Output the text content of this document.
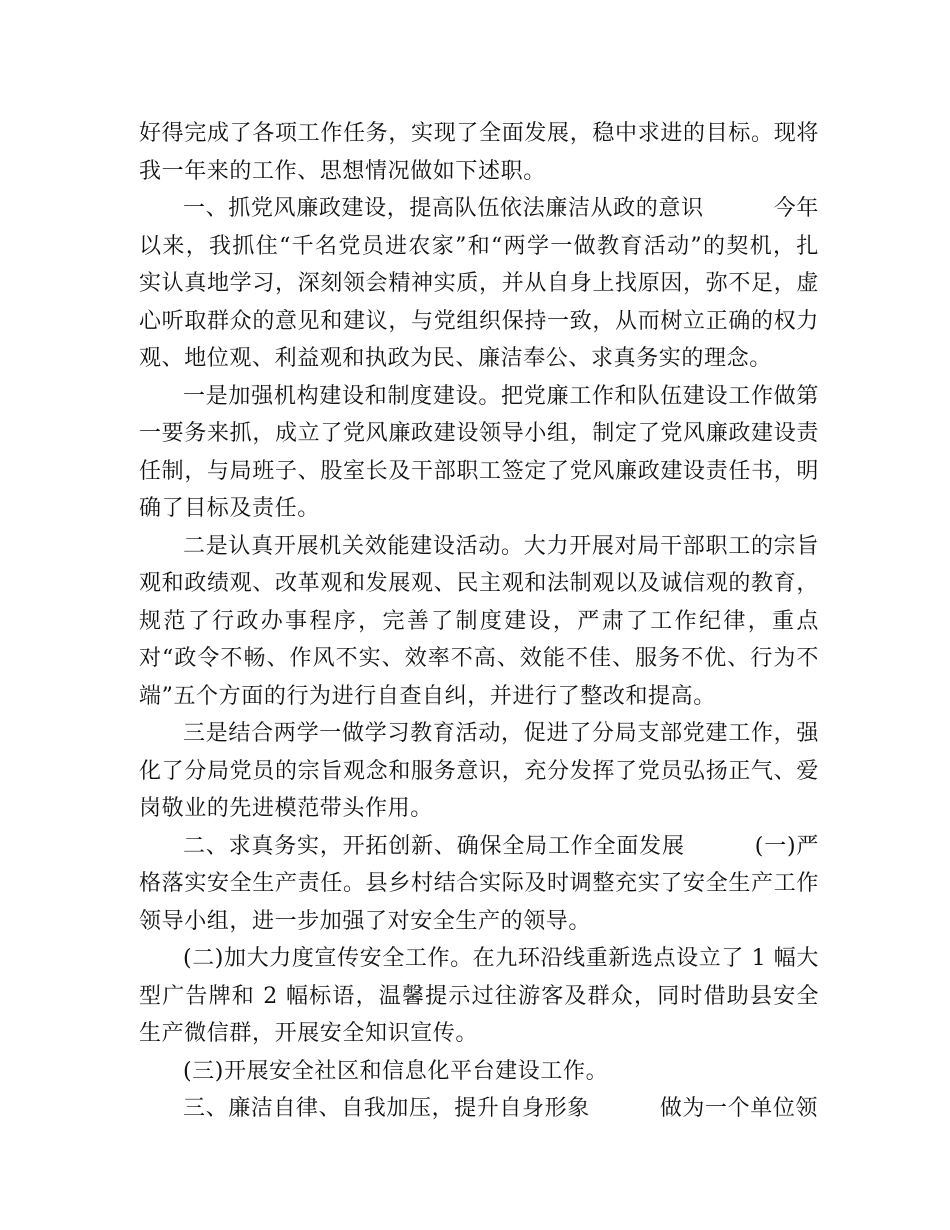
好得完成了各项工作任务，实现了全面发展，稳中求进的目标。现将我一年来的工作、思想情况做如下述职。

一、抓党风廉政建设，提高队伍依法廉洁从政的意识	今年以来，我抓住“千名党员进农家”和“两学一做教育活动”的契机，扎实认真地学习，深刻领会精神实质，并从自身上找原因，弥不足，虚心听取群众的意见和建议，与党组织保持一致，从而树立正确的权力观、地位观、利益观和执政为民、廉洁奉公、求真务实的理念。

一是加强机构建设和制度建设。把党廉工作和队伍建设工作做第一要务来抓，成立了党风廉政建设领导小组，制定了党风廉政建设责任制，与局班子、股室长及干部职工签定了党风廉政建设责任书，明确了目标及责任。

二是认真开展机关效能建设活动。大力开展对局干部职工的宗旨观和政绩观、改革观和发展观、民主观和法制观以及诚信观的教育，规范了行政办事程序，完善了制度建设，严肃了工作纪律，重点对“政令不畅、作风不实、效率不高、效能不佳、服务不优、行为不端”五个方面的行为进行自查自纠，并进行了整改和提高。

三是结合两学一做学习教育活动，促进了分局支部党建工作，强化了分局党员的宗旨观念和服务意识，充分发挥了党员弘扬正气、爱岗敬业的先进模范带头作用。

二、求真务实，开拓创新、确保全局工作全面发展	(一)严格落实安全生产责任。县乡村结合实际及时调整充实了安全生产工作领导小组，进一步加强了对安全生产的领导。

(二)加大力度宣传安全工作。在九环沿线重新选点设立了 1 幅大型广告牌和 2 幅标语，温馨提示过往游客及群众，同时借助县安全生产微信群，开展安全知识宣传。

(三)开展安全社区和信息化平台建设工作。

三、廉洁自律、自我加压，提升自身形象	做为一个单位领
